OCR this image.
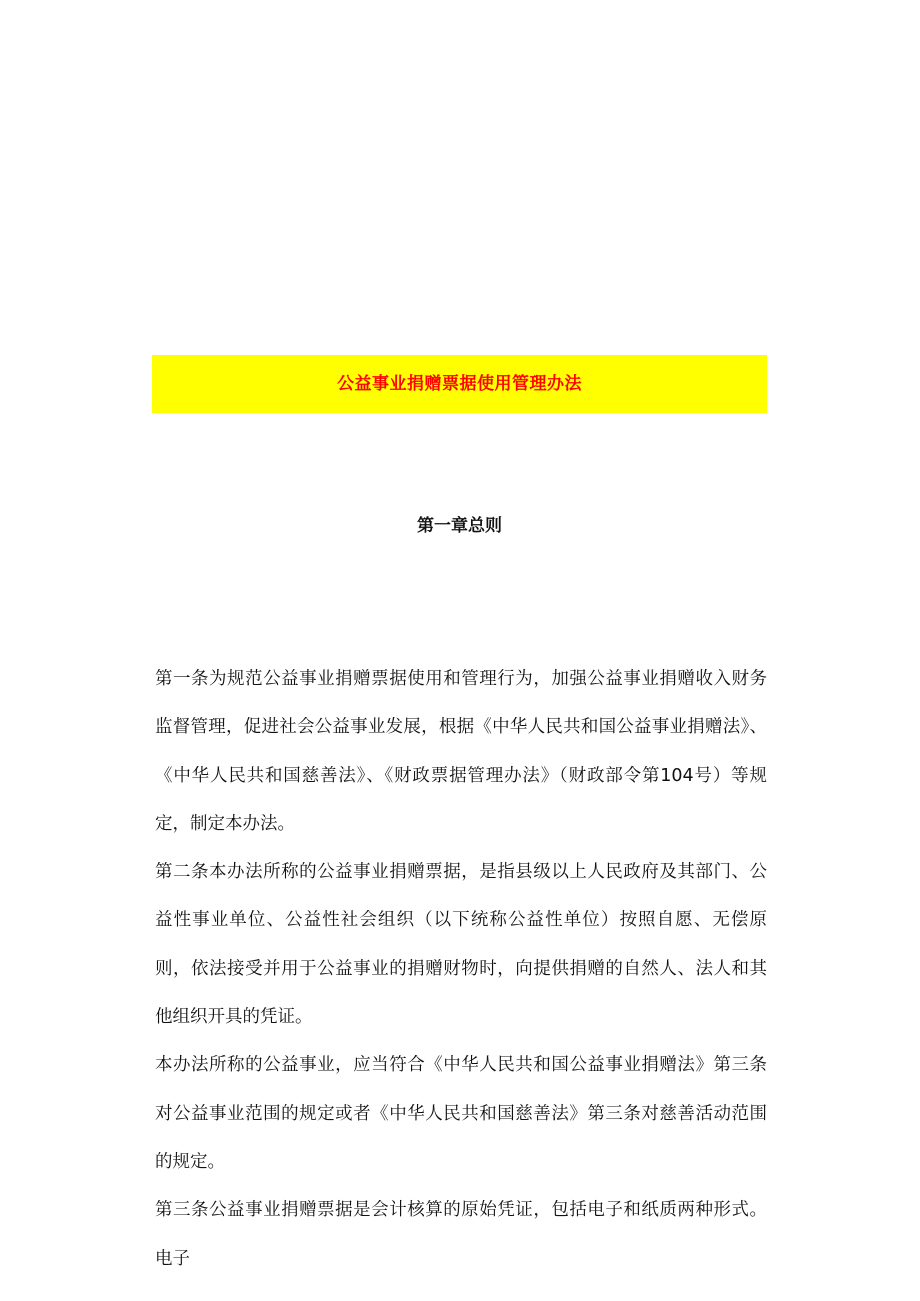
公益事业捐赠票据使用管理办法
第一章总则

第一条为规范公益事业捐赠票据使用和管理行为，加强公益事业捐赠收入财务监督管理，促进社会公益事业发展，根据《中华人民共和国公益事业捐赠法》、《中华人民共和国慈善法》、《财政票据管理办法》（财政部令第104号）等规定，制定本办法。

第二条本办法所称的公益事业捐赠票据，是指县级以上人民政府及其部门、公益性事业单位、公益性社会组织（以下统称公益性单位）按照自愿、无偿原则，依法接受并用于公益事业的捐赠财物时，向提供捐赠的自然人、法人和其他组织开具的凭证。

本办法所称的公益事业，应当符合《中华人民共和国公益事业捐赠法》第三条对公益事业范围的规定或者《中华人民共和国慈善法》第三条对慈善活动范围的规定。

第三条公益事业捐赠票据是会计核算的原始凭证，包括电子和纸质两种形式。电子
